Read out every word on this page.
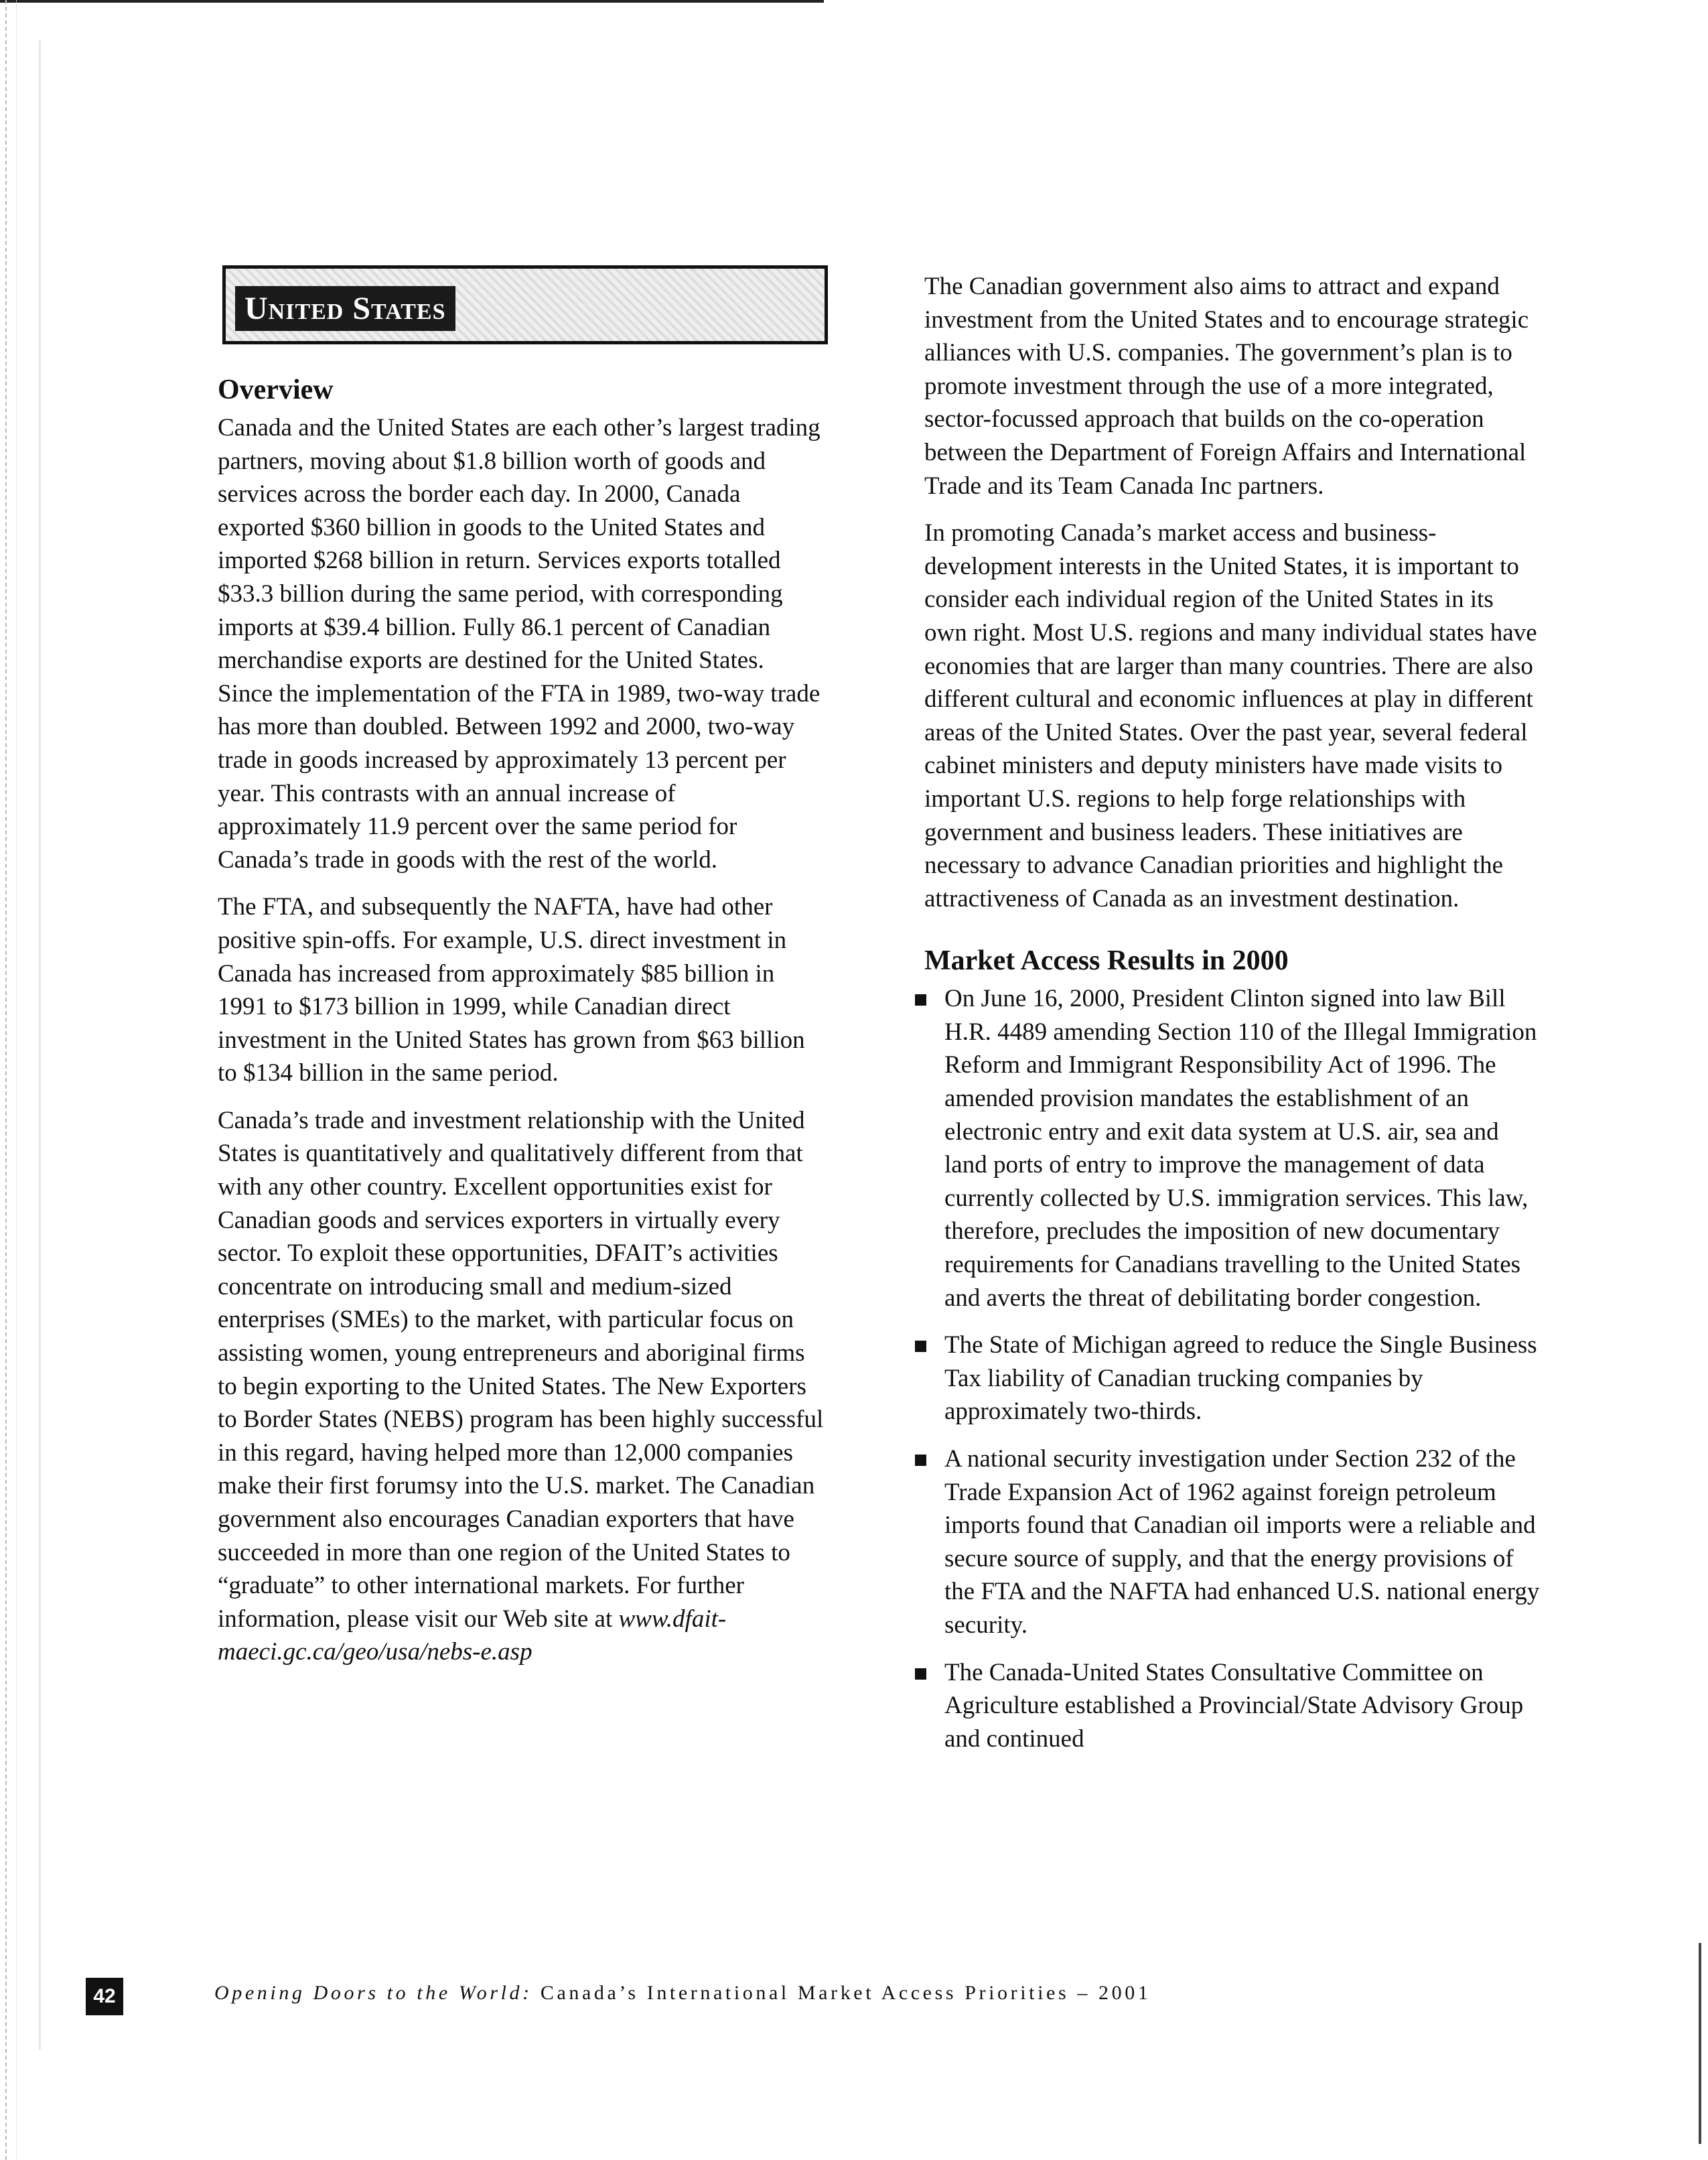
United States
Overview

Canada and the United States are each other’s largest trading partners, moving about $1.8 billion worth of goods and services across the border each day. In 2000, Canada exported $360 billion in goods to the United States and imported $268 billion in return. Services exports totalled $33.3 billion during the same period, with corresponding imports at $39.4 billion. Fully 86.1 percent of Canadian merchandise exports are destined for the United States. Since the implementation of the FTA in 1989, two-way trade has more than doubled. Between 1992 and 2000, two-way trade in goods increased by approximately 13 percent per year. This contrasts with an annual increase of approximately 11.9 percent over the same period for Canada’s trade in goods with the rest of the world.

The FTA, and subsequently the NAFTA, have had other positive spin-offs. For example, U.S. direct investment in Canada has increased from approximately $85 billion in 1991 to $173 billion in 1999, while Canadian direct investment in the United States has grown from $63 billion to $134 billion in the same period.

Canada’s trade and investment relationship with the United States is quantitatively and qualitatively different from that with any other country. Excellent opportunities exist for Canadian goods and services exporters in virtually every sector. To exploit these opportunities, DFAIT’s activities concentrate on introducing small and medium-sized enterprises (SMEs) to the market, with particular focus on assisting women, young entrepreneurs and aboriginal firms to begin exporting to the United States. The New Exporters to Border States (NEBS) program has been highly successful in this regard, having helped more than 12,000 companies make their first forumsy into the U.S. market. The Canadian government also encourages Canadian exporters that have succeeded in more than one region of the United States to “graduate” to other international markets. For further information, please visit our Web site at www.dfait-maeci.gc.ca/geo/usa/nebs-e.asp

The Canadian government also aims to attract and expand investment from the United States and to encourage strategic alliances with U.S. companies. The government’s plan is to promote investment through the use of a more integrated, sector-focussed approach that builds on the co-operation between the Department of Foreign Affairs and International Trade and its Team Canada Inc partners.

In promoting Canada’s market access and business-development interests in the United States, it is important to consider each individual region of the United States in its own right. Most U.S. regions and many individual states have economies that are larger than many countries. There are also different cultural and economic influences at play in different areas of the United States. Over the past year, several federal cabinet ministers and deputy ministers have made visits to important U.S. regions to help forge relationships with government and business leaders. These initiatives are necessary to advance Canadian priorities and highlight the attractiveness of Canada as an investment destination.

Market Access Results in 2000
On June 16, 2000, President Clinton signed into law Bill H.R. 4489 amending Section 110 of the Illegal Immigration Reform and Immigrant Responsibility Act of 1996. The amended provision mandates the establishment of an electronic entry and exit data system at U.S. air, sea and land ports of entry to improve the management of data currently collected by U.S. immigration services. This law, therefore, precludes the imposition of new documentary requirements for Canadians travelling to the United States and averts the threat of debilitating border congestion.
The State of Michigan agreed to reduce the Single Business Tax liability of Canadian trucking companies by approximately two-thirds.
A national security investigation under Section 232 of the Trade Expansion Act of 1962 against foreign petroleum imports found that Canadian oil imports were a reliable and secure source of supply, and that the energy provisions of the FTA and the NAFTA had enhanced U.S. national energy security.
The Canada-United States Consultative Committee on Agriculture established a Provincial/State Advisory Group and continued
42	Opening Doors to the World: Canada’s International Market Access Priorities – 2001
